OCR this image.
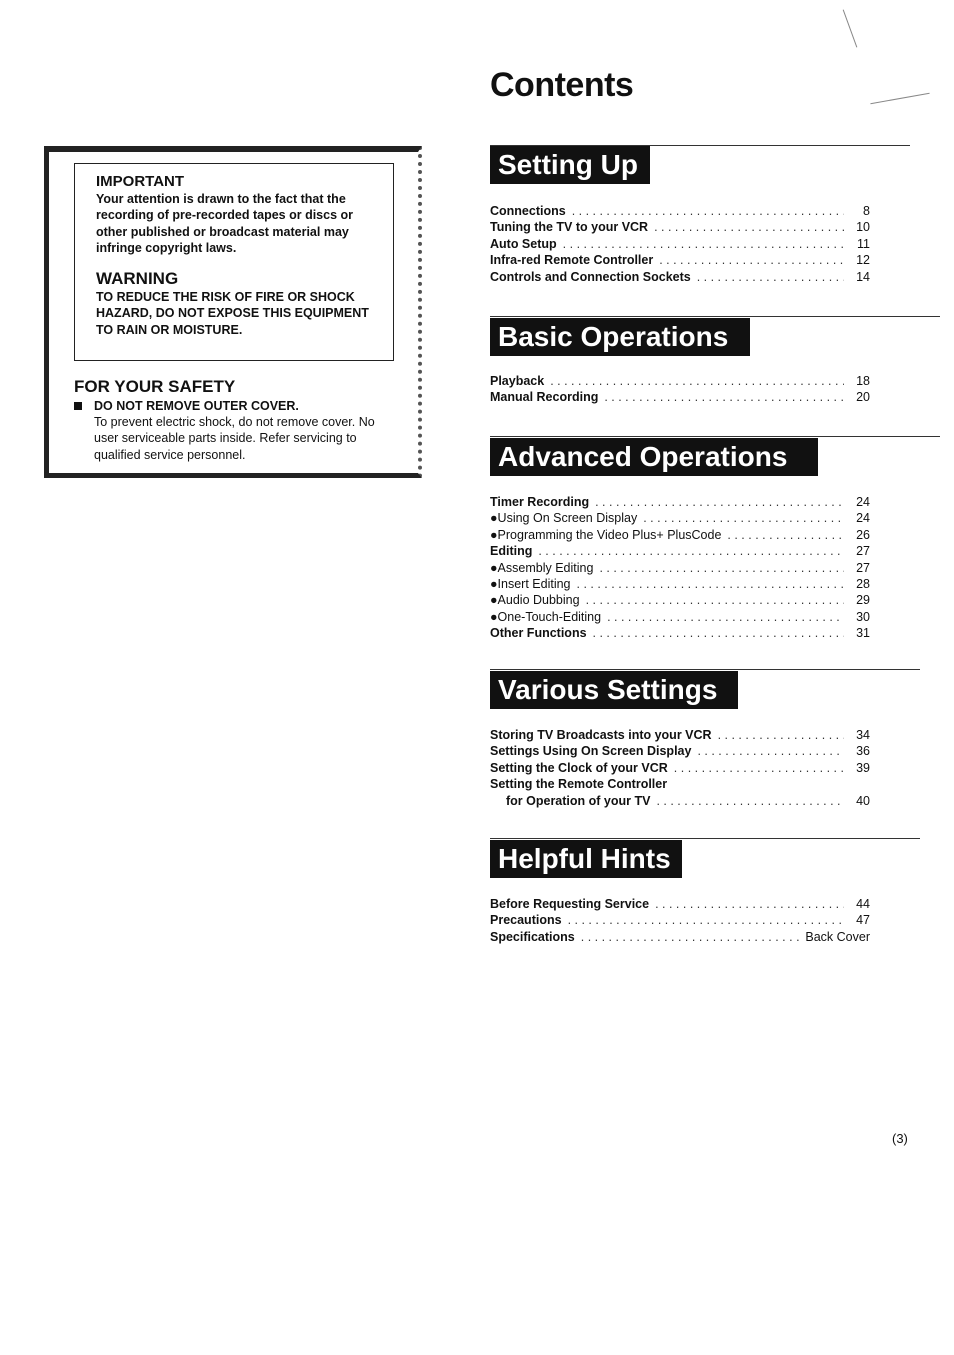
Contents
IMPORTANT
Your attention is drawn to the fact that the recording of pre-recorded tapes or discs or other published or broadcast material may infringe copyright laws.
WARNING
TO REDUCE THE RISK OF FIRE OR SHOCK HAZARD, DO NOT EXPOSE THIS EQUIPMENT TO RAIN OR MOISTURE.
FOR YOUR SAFETY
DO NOT REMOVE OUTER COVER.
To prevent electric shock, do not remove cover. No user serviceable parts inside. Refer servicing to qualified service personnel.
Setting Up
Connections . . .	8
Tuning the TV to your VCR . . .	10
Auto Setup . . .	11
Infra-red Remote Controller . . .	12
Controls and Connection Sockets . . .	14
Basic Operations
Playback . . .	18
Manual Recording . . .	20
Advanced Operations
Timer Recording . . .	24
●Using On Screen Display . . .	24
●Programming the Video Plus+ PlusCode . . .	26
Editing . . .	27
●Assembly Editing . . .	27
●Insert Editing . . .	28
●Audio Dubbing . . .	29
●One-Touch-Editing . . .	30
Other Functions . . .	31
Various Settings
Storing TV Broadcasts into your VCR . . .	34
Settings Using On Screen Display . . .	36
Setting the Clock of your VCR . . .	39
Setting the Remote Controller
for Operation of your TV . . .	40
Helpful Hints
Before Requesting Service . . .	44
Precautions . . .	47
Specifications . . .	Back Cover
(3)
